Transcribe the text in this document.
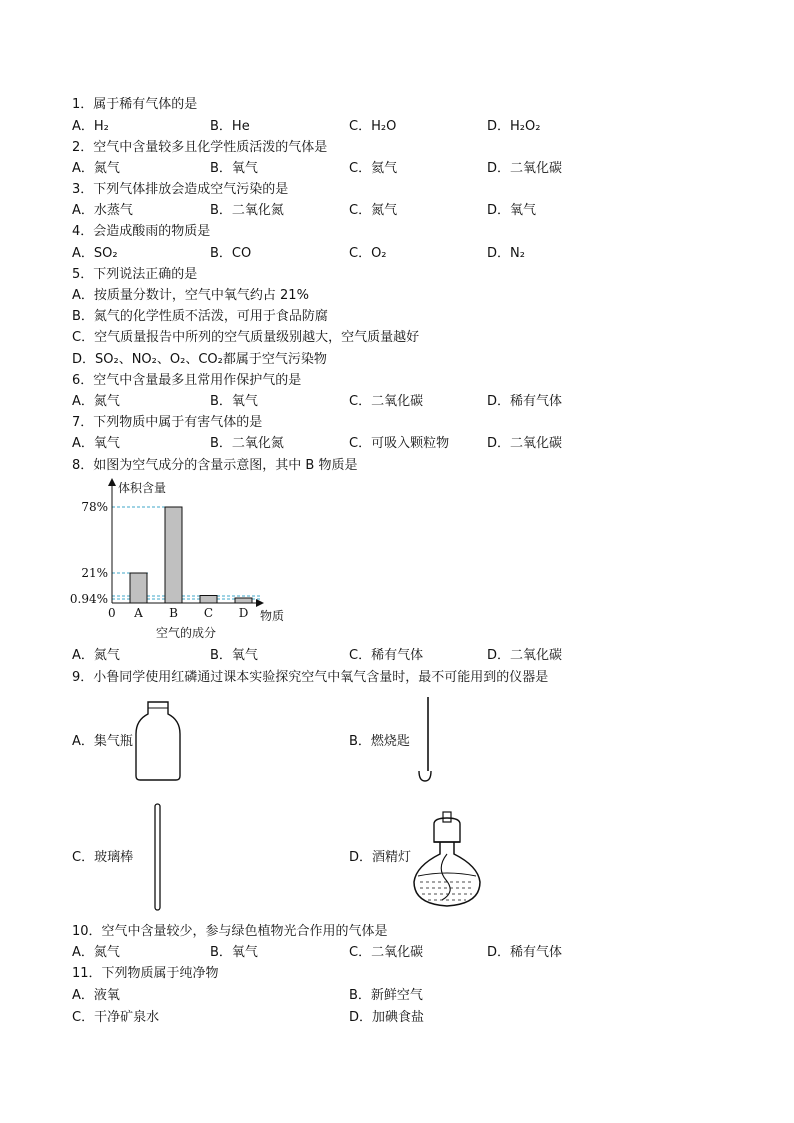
1．属于稀有气体的是
A．H₂	B．He	C．H₂O	D．H₂O₂
2．空气中含量较多且化学性质活泼的气体是
A．氮气	B．氧气	C．氦气	D．二氧化碳
3．下列气体排放会造成空气污染的是
A．水蒸气	B．二氧化氮	C．氮气	D．氧气
4．会造成酸雨的物质是
A．SO₂	B．CO	C．O₂	D．N₂
5．下列说法正确的是
A．按质量分数计，空气中氧气约占 21%
B．氮气的化学性质不活泼，可用于食品防腐
C．空气质量报告中所列的空气质量级别越大，空气质量越好
D．SO₂、NO₂、O₂、CO₂都属于空气污染物
6．空气中含量最多且常用作保护气的是
A．氮气	B．氧气	C．二氧化碳	D．稀有气体
7．下列物质中属于有害气体的是
A．氧气	B．二氧化氮	C．可吸入颗粒物	D．二氧化碳
8．如图为空气成分的含量示意图，其中 B 物质是
体积含量
物质
0
空气的成分
A B C D
78%
21%
0.94%
A．氮气	B．氧气	C．稀有气体	D．二氧化碳
9．小鲁同学使用红磷通过课本实验探究空气中氧气含量时，最不可能用到的仪器是
A．集气瓶	B．燃烧匙
C．玻璃棒	D．酒精灯
10．空气中含量较少，参与绿色植物光合作用的气体是
A．氮气	B．氧气	C．二氧化碳	D．稀有气体
11．下列物质属于纯净物
A．液氧	B．新鲜空气
C．干净矿泉水	D．加碘食盐
